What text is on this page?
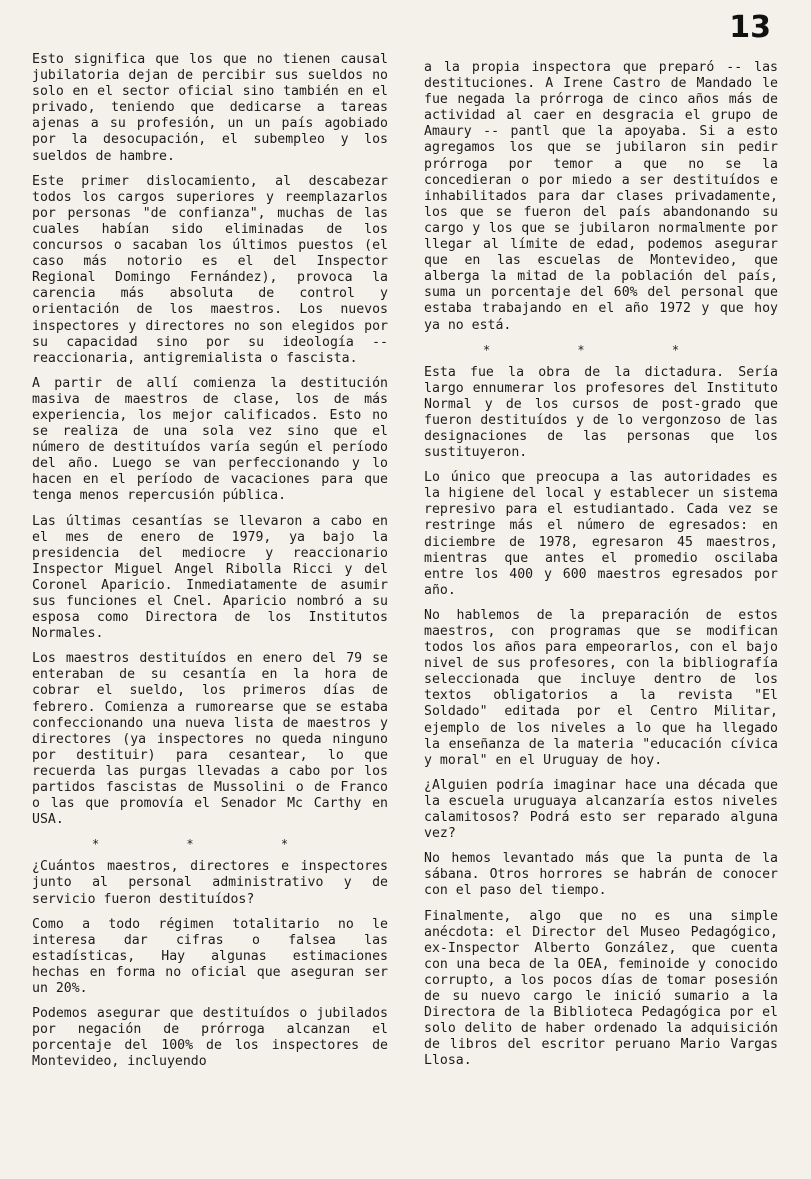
13

Esto significa que los que no tienen causal jubilatoria dejan de percibir sus sueldos no solo en el sector oficial sino también en el privado, teniendo que dedicarse a tareas ajenas a su profesión, un un país agobiado por la desocupación, el subempleo y los sueldos de hambre.

Este primer dislocamiento, al descabezar todos los cargos superiores y reemplazarlos por personas "de confianza", muchas de las cuales habían sido eliminadas de los concursos o sacaban los últimos puestos (el caso más notorio es el del Inspector Regional Domingo Fernández), provoca la carencia más absoluta de control y orientación de los maestros. Los nuevos inspectores y directores no son elegidos por su capacidad sino por su ideología -- reaccionaria, antigremialista o fascista.

A partir de allí comienza la destitución masiva de maestros de clase, los de más experiencia, los mejor calificados. Esto no se realiza de una sola vez sino que el número de destituídos varía según el período del año. Luego se van perfeccionando y lo hacen en el período de vacaciones para que tenga menos repercusión pública.

Las últimas cesantías se llevaron a cabo en el mes de enero de 1979, ya bajo la presidencia del mediocre y reaccionario Inspector Miguel Angel Ribolla Ricci y del Coronel Aparicio. Inmediatamente de asumir sus funciones el Cnel. Aparicio nombró a su esposa como Directora de los Institutos Normales.

Los maestros destituídos en enero del 79 se enteraban de su cesantía en la hora de cobrar el sueldo, los primeros días de febrero. Comienza a rumorearse que se estaba confeccionando una nueva lista de maestros y directores (ya inspectores no queda ninguno por destituir) para cesantear, lo que recuerda las purgas llevadas a cabo por los partidos fascistas de Mussolini o de Franco o las que promovía el Senador Mc Carthy en USA.

* * *

¿Cuántos maestros, directores e inspectores junto al personal administrativo y de servicio fueron destituídos?

Como a todo régimen totalitario no le interesa dar cifras o falsea las estadísticas, Hay algunas estimaciones hechas en forma no oficial que aseguran ser un 20%.

Podemos asegurar que destituídos o jubilados por negación de prórroga alcanzan el porcentaje del 100% de los inspectores de Montevideo, incluyendo

a la propia inspectora que preparó -- las destituciones. A Irene Castro de Mandado le fue negada la prórroga de cinco años más de actividad al caer en desgracia el grupo de Amaury -- pantl que la apoyaba. Si a esto agregamos los que se jubilaron sin pedir prórroga por temor a que no se la concedieran o por miedo a ser destituídos e inhabilitados para dar clases privadamente, los que se fueron del país abandonando su cargo y los que se jubilaron normalmente por llegar al límite de edad, podemos asegurar que en las escuelas de Montevideo, que alberga la mitad de la población del país, suma un porcentaje del 60% del personal que estaba trabajando en el año 1972 y que hoy ya no está.

* * *

Esta fue la obra de la dictadura. Sería largo ennumerar los profesores del Instituto Normal y de los cursos de post-grado que fueron destituídos y de lo vergonzoso de las designaciones de las personas que los sustituyeron.

Lo único que preocupa a las autoridades es la higiene del local y establecer un sistema represivo para el estudiantado. Cada vez se restringe más el número de egresados: en diciembre de 1978, egresaron 45 maestros, mientras que antes el promedio oscilaba entre los 400 y 600 maestros egresados por año.

No hablemos de la preparación de estos maestros, con programas que se modifican todos los años para empeorarlos, con el bajo nivel de sus profesores, con la bibliografía seleccionada que incluye dentro de los textos obligatorios a la revista "El Soldado" editada por el Centro Militar, ejemplo de los niveles a lo que ha llegado la enseñanza de la materia "educación cívica y moral" en el Uruguay de hoy.

¿Alguien podría imaginar hace una década que la escuela uruguaya alcanzaría estos niveles calamitosos? Podrá esto ser reparado alguna vez?

No hemos levantado más que la punta de la sábana. Otros horrores se habrán de conocer con el paso del tiempo.

Finalmente, algo que no es una simple anécdota: el Director del Museo Pedagógico, ex-Inspector Alberto González, que cuenta con una beca de la OEA, feminoide y conocido corrupto, a los pocos días de tomar posesión de su nuevo cargo le inició sumario a la Directora de la Biblioteca Pedagógica por el solo delito de haber ordenado la adquisición de libros del escritor peruano Mario Vargas Llosa.
